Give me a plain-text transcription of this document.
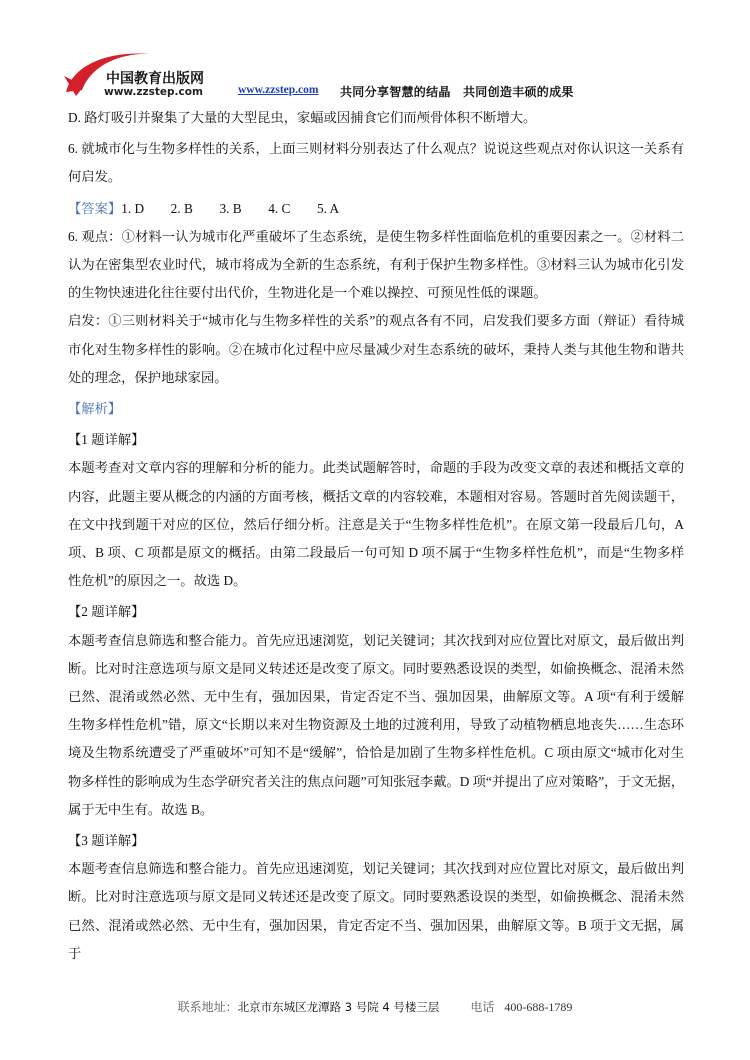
中国教育出版网
www.zzstep.com	www.zzstep.com 共同分享智慧的结晶　共同创造丰硕的成果

D. 路灯吸引并聚集了大量的大型昆虫，家蝠或因捕食它们而颅骨体积不断增大。

6. 就城市化与生物多样性的关系，上面三则材料分别表达了什么观点？说说这些观点对你认识这一关系有何启发。

【答案】1. D　　2. B　　3. B　　4. C　　5. A

6. 观点：①材料一认为城市化严重破坏了生态系统，是使生物多样性面临危机的重要因素之一。②材料二认为在密集型农业时代，城市将成为全新的生态系统，有利于保护生物多样性。③材料三认为城市化引发的生物快速进化往往要付出代价，生物进化是一个难以操控、可预见性低的课题。

启发：①三则材料关于“城市化与生物多样性的关系”的观点各有不同，启发我们要多方面（辩证）看待城市化对生物多样性的影响。②在城市化过程中应尽量减少对生态系统的破坏，秉持人类与其他生物和谐共处的理念，保护地球家园。

【解析】

【1 题详解】

本题考查对文章内容的理解和分析的能力。此类试题解答时，命题的手段为改变文章的表述和概括文章的内容，此题主要从概念的内涵的方面考核，概括文章的内容较难，本题相对容易。答题时首先阅读题干，在文中找到题干对应的区位，然后仔细分析。注意是关于“生物多样性危机”。在原文第一段最后几句，A 项、B 项、C 项都是原文的概括。由第二段最后一句可知 D 项不属于“生物多样性危机”，而是“生物多样性危机”的原因之一。故选 D。

【2 题详解】

本题考查信息筛选和整合能力。首先应迅速浏览，划记关键词；其次找到对应位置比对原文，最后做出判断。比对时注意选项与原文是同义转述还是改变了原文。同时要熟悉设误的类型，如偷换概念、混淆未然已然、混淆或然必然、无中生有，强加因果，肯定否定不当、强加因果，曲解原文等。A 项“有利于缓解生物多样性危机”错，原文“长期以来对生物资源及土地的过渡利用，导致了动植物栖息地丧失……生态环境及生物系统遭受了严重破坏”可知不是“缓解”，恰恰是加剧了生物多样性危机。C 项由原文“城市化对生物多样性的影响成为生态学研究者关注的焦点问题”可知张冠李戴。D 项“并提出了应对策略”，于文无据，属于无中生有。故选 B。

【3 题详解】

本题考查信息筛选和整合能力。首先应迅速浏览，划记关键词；其次找到对应位置比对原文，最后做出判断。比对时注意选项与原文是同义转述还是改变了原文。同时要熟悉设误的类型，如偷换概念、混淆未然已然、混淆或然必然、无中生有，强加因果，肯定否定不当、强加因果，曲解原文等。B 项于文无据，属于

联系地址：北京市东城区龙潭路 3 号院 4 号楼三层	电话 400-688-1789
